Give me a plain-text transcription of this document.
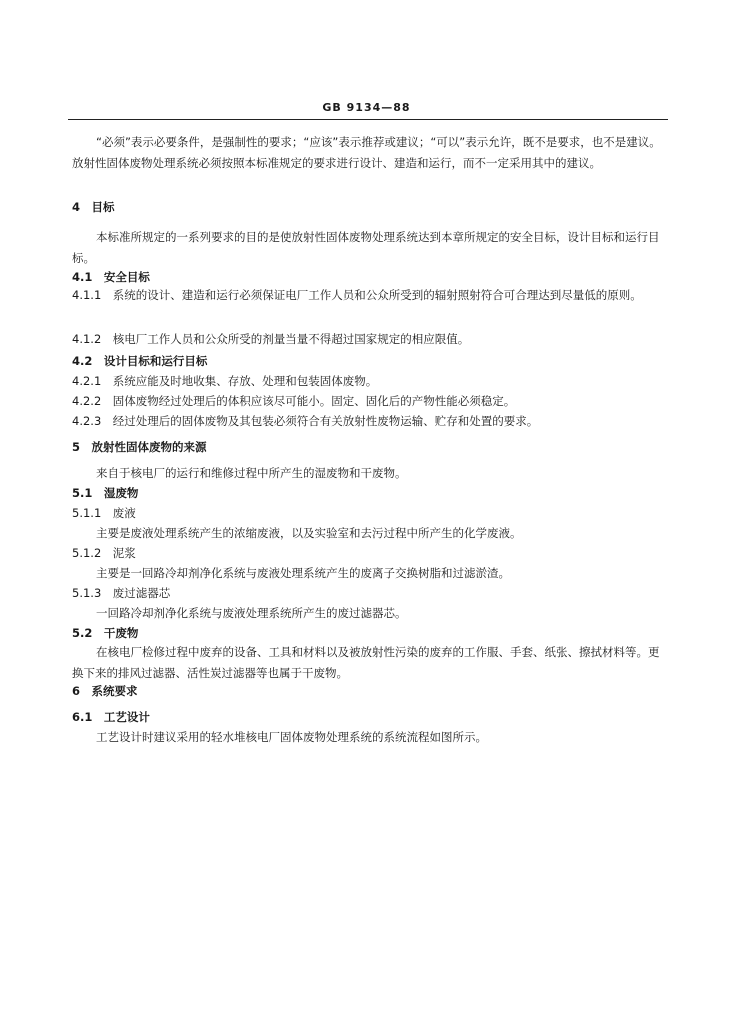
GB 9134—88
“必须”表示必要条件，是强制性的要求；“应该”表示推荐或建议；“可以”表示允许，既不是要求，也不是建议。放射性固体废物处理系统必须按照本标准规定的要求进行设计、建造和运行，而不一定采用其中的建议。
4　目标
本标准所规定的一系列要求的目的是使放射性固体废物处理系统达到本章所规定的安全目标，设计目标和运行目标。
4.1　安全目标
4.1.1　系统的设计、建造和运行必须保证电厂工作人员和公众所受到的辐射照射符合可合理达到尽量低的原则。
4.1.2　核电厂工作人员和公众所受的剂量当量不得超过国家规定的相应限值。
4.2　设计目标和运行目标
4.2.1　系统应能及时地收集、存放、处理和包装固体废物。
4.2.2　固体废物经过处理后的体积应该尽可能小。固定、固化后的产物性能必须稳定。
4.2.3　经过处理后的固体废物及其包装必须符合有关放射性废物运输、贮存和处置的要求。
5　放射性固体废物的来源
来自于核电厂的运行和维修过程中所产生的湿废物和干废物。
5.1　湿废物
5.1.1　废液
主要是废液处理系统产生的浓缩废液，以及实验室和去污过程中所产生的化学废液。
5.1.2　泥浆
主要是一回路冷却剂净化系统与废液处理系统产生的废离子交换树脂和过滤淤渣。
5.1.3　废过滤器芯
一回路冷却剂净化系统与废液处理系统所产生的废过滤器芯。
5.2　干废物
在核电厂检修过程中废弃的设备、工具和材料以及被放射性污染的废弃的工作服、手套、纸张、擦拭材料等。更换下来的排风过滤器、活性炭过滤器等也属于干废物。
6　系统要求
6.1　工艺设计
工艺设计时建议采用的轻水堆核电厂固体废物处理系统的系统流程如图所示。
